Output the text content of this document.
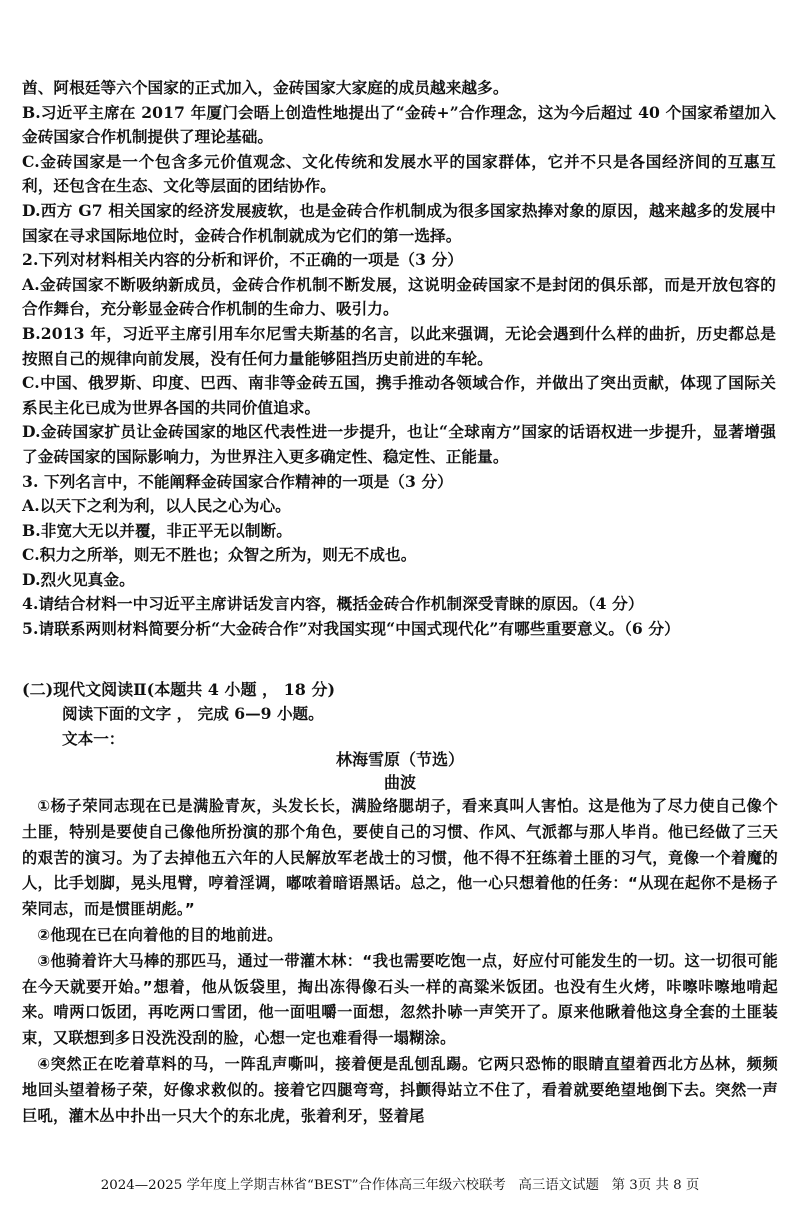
酋、阿根廷等六个国家的正式加入，金砖国家大家庭的成员越来越多。

B.习近平主席在 2017 年厦门会晤上创造性地提出了“金砖+”合作理念，这为今后超过 40 个国家希望加入金砖国家合作机制提供了理论基础。

C.金砖国家是一个包含多元价值观念、文化传统和发展水平的国家群体，它并不只是各国经济间的互惠互利，还包含在生态、文化等层面的团结协作。

D.西方 G7 相关国家的经济发展疲软，也是金砖合作机制成为很多国家热捧对象的原因，越来越多的发展中国家在寻求国际地位时，金砖合作机制就成为它们的第一选择。

2.下列对材料相关内容的分析和评价，不正确的一项是（3 分）

A.金砖国家不断吸纳新成员，金砖合作机制不断发展，这说明金砖国家不是封闭的俱乐部，而是开放包容的合作舞台，充分彰显金砖合作机制的生命力、吸引力。

B.2013 年，习近平主席引用车尔尼雪夫斯基的名言，以此来强调，无论会遇到什么样的曲折，历史都总是按照自己的规律向前发展，没有任何力量能够阻挡历史前进的车轮。

C.中国、俄罗斯、印度、巴西、南非等金砖五国，携手推动各领域合作，并做出了突出贡献，体现了国际关系民主化已成为世界各国的共同价值追求。

D.金砖国家扩员让金砖国家的地区代表性进一步提升，也让“全球南方”国家的话语权进一步提升，显著增强了金砖国家的国际影响力，为世界注入更多确定性、稳定性、正能量。

3. 下列名言中，不能阐释金砖国家合作精神的一项是（3 分）

A.以天下之利为利，以人民之心为心。

B.非宽大无以并覆，非正平无以制断。

C.积力之所举，则无不胜也；众智之所为，则无不成也。

D.烈火见真金。

4.请结合材料一中习近平主席讲话发言内容，概括金砖合作机制深受青睐的原因。（4 分）

5.请联系两则材料简要分析“大金砖合作”对我国实现“中国式现代化”有哪些重要意义。（6 分）

(二)现代文阅读Ⅱ(本题共 4 小题 ， 18 分)
阅读下面的文字 ， 完成 6—9 小题。
文本一：
林海雪原（节选）
曲波

①杨子荣同志现在已是满脸青灰，头发长长，满脸络腮胡子，看来真叫人害怕。这是他为了尽力使自己像个土匪，特别是要使自己像他所扮演的那个角色，要使自己的习惯、作风、气派都与那人毕肖。他已经做了三天的艰苦的演习。为了去掉他五六年的人民解放军老战士的习惯，他不得不狂练着土匪的习气，竟像一个着魔的人，比手划脚，晃头甩臂，哼着淫调，嘟哝着暗语黑话。总之，他一心只想着他的任务：“从现在起你不是杨子荣同志，而是惯匪胡彪。”

②他现在已在向着他的目的地前进。

③他骑着许大马棒的那匹马，通过一带灌木林：“我也需要吃饱一点，好应付可能发生的一切。这一切很可能在今天就要开始。”想着，他从饭袋里，掏出冻得像石头一样的高粱米饭团。也没有生火烤，咔嚓咔嚓地啃起来。啃两口饭团，再吃两口雪团，他一面咀嚼一面想，忽然扑哧一声笑开了。原来他瞅着他这身全套的土匪装束，又联想到多日没洗没刮的脸，心想一定也难看得一塌糊涂。

④突然正在吃着草料的马，一阵乱声嘶叫，接着便是乱刨乱踢。它两只恐怖的眼睛直望着西北方丛林，频频地回头望着杨子荣，好像求救似的。接着它四腿弯弯，抖颤得站立不住了，看着就要绝望地倒下去。突然一声巨吼，灌木丛中扑出一只大个的东北虎，张着利牙，竖着尾

2024—2025 学年度上学期吉林省“BEST”合作体高三年级六校联考 高三语文试题 第 3页 共 8 页
